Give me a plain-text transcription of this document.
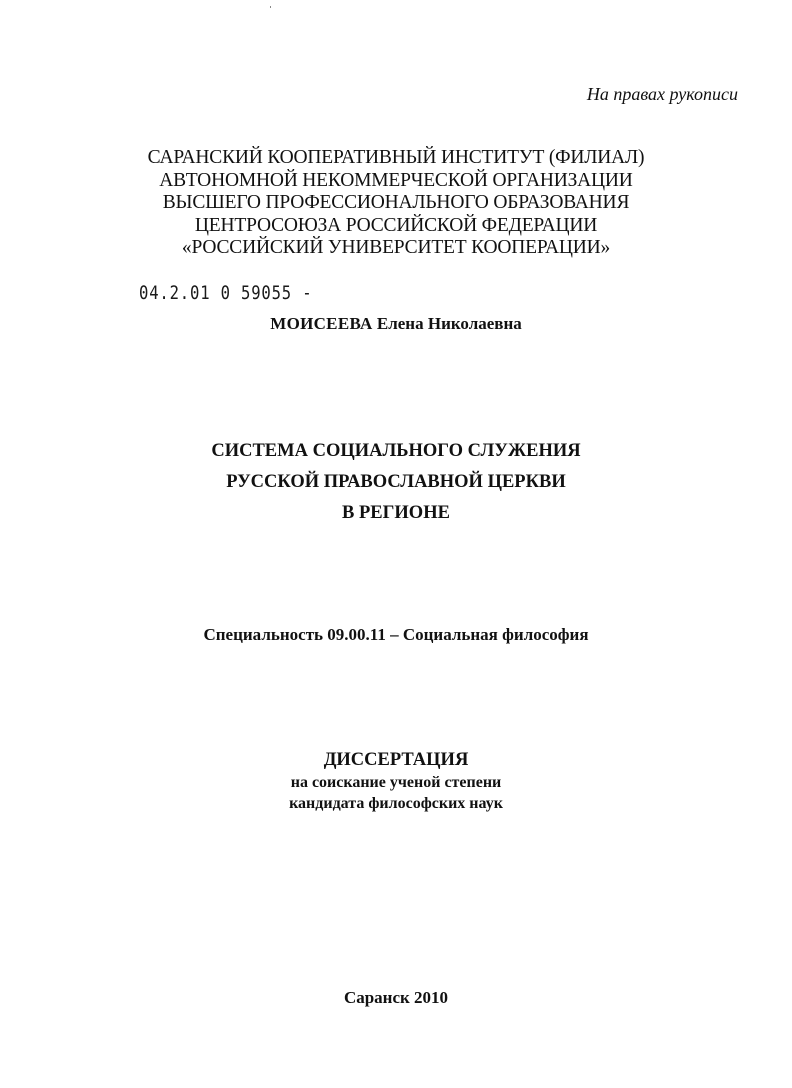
На правах рукописи
САРАНСКИЙ КООПЕРАТИВНЫЙ ИНСТИТУТ (ФИЛИАЛ)
АВТОНОМНОЙ НЕКОММЕРЧЕСКОЙ ОРГАНИЗАЦИИ
ВЫСШЕГО ПРОФЕССИОНАЛЬНОГО ОБРАЗОВАНИЯ
ЦЕНТРОСОЮЗА РОССИЙСКОЙ ФЕДЕРАЦИИ
«РОССИЙСКИЙ УНИВЕРСИТЕТ КООПЕРАЦИИ»
04.2.01 0 59055 -
МОИСЕЕВА Елена Николаевна
СИСТЕМА СОЦИАЛЬНОГО СЛУЖЕНИЯ
РУССКОЙ ПРАВОСЛАВНОЙ ЦЕРКВИ
В РЕГИОНЕ
Специальность 09.00.11 – Социальная философия
ДИССЕРТАЦИЯ
на соискание ученой степени
кандидата философских наук
Саранск 2010
